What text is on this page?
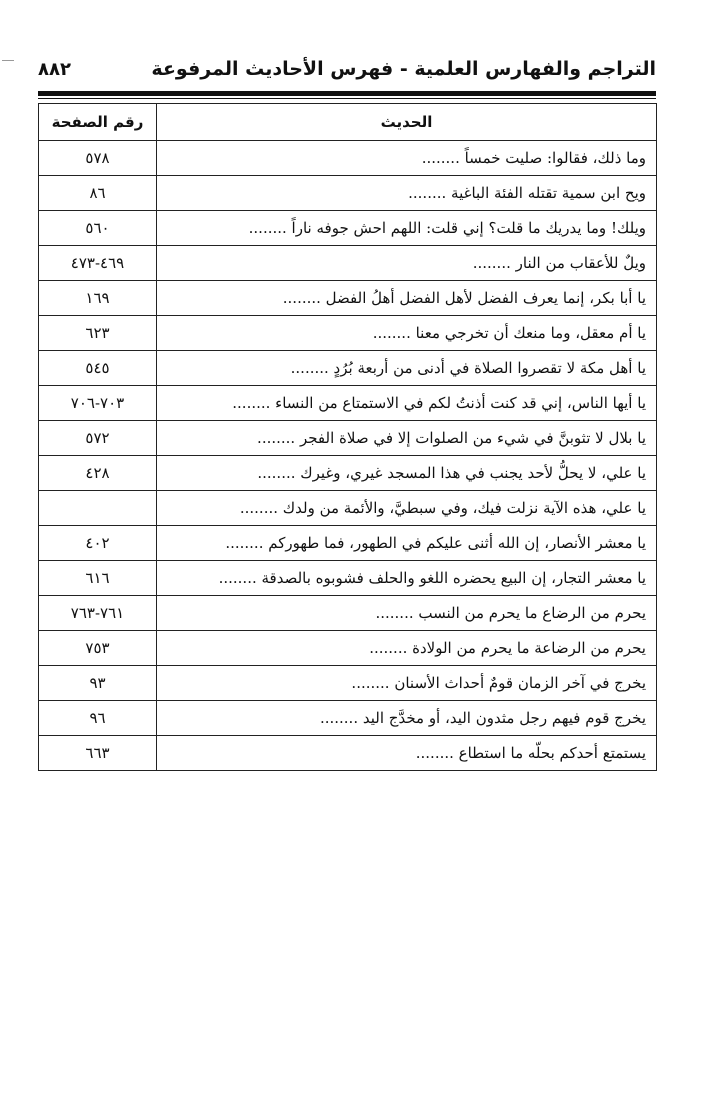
التراجم والفهارس العلمية - فهرس الأحاديث المرفوعة
٨٨٢
الحديث	رقم الصفحة
وما ذلك، فقالوا: صليت خمساً ........	٥٧٨
ويح ابن سمية تقتله الفئة الباغية ........	٨٦
ويلك! وما يدريك ما قلت؟ إني قلت: اللهم احش جوفه ناراً ........	٥٦٠
ويلٌ للأعقاب من النار ........	٤٦٩-٤٧٣
يا أبا بكر، إنما يعرف الفضل لأهل الفضل أهلُ الفضل ........	١٦٩
يا أم معقل، وما منعك أن تخرجي معنا ........	٦٢٣
يا أهل مكة لا تقصروا الصلاة في أدنى من أربعة بُرُدٍ ........	٥٤٥
يا أيها الناس، إني قد كنت أذنتُ لكم في الاستمتاع من النساء ........	٧٠٣-٧٠٦
يا بلال لا تثوبنَّ في شيء من الصلوات إلا في صلاة الفجر ........	٥٧٢
يا علي، لا يحلُّ لأحد يجنب في هذا المسجد غيري، وغيرك ........	٤٢٨
يا علي، هذه الآية نزلت فيك، وفي سبطيَّ، والأئمة من ولدك ........	
يا معشر الأنصار، إن الله أثنى عليكم في الطهور، فما طهوركم ........	٤٠٢
يا معشر التجار، إن البيع يحضره اللغو والحلف فشوبوه بالصدقة ........	٦١٦
يحرم من الرضاع ما يحرم من النسب ........	٧٦١-٧٦٣
يحرم من الرضاعة ما يحرم من الولادة ........	٧٥٣
يخرج في آخر الزمان قومٌ أحداث الأسنان ........	٩٣
يخرج قوم فيهم رجل مثدون اليد، أو مخدَّج اليد ........	٩٦
يستمتع أحدكم بحلّه ما استطاع ........	٦٦٣
